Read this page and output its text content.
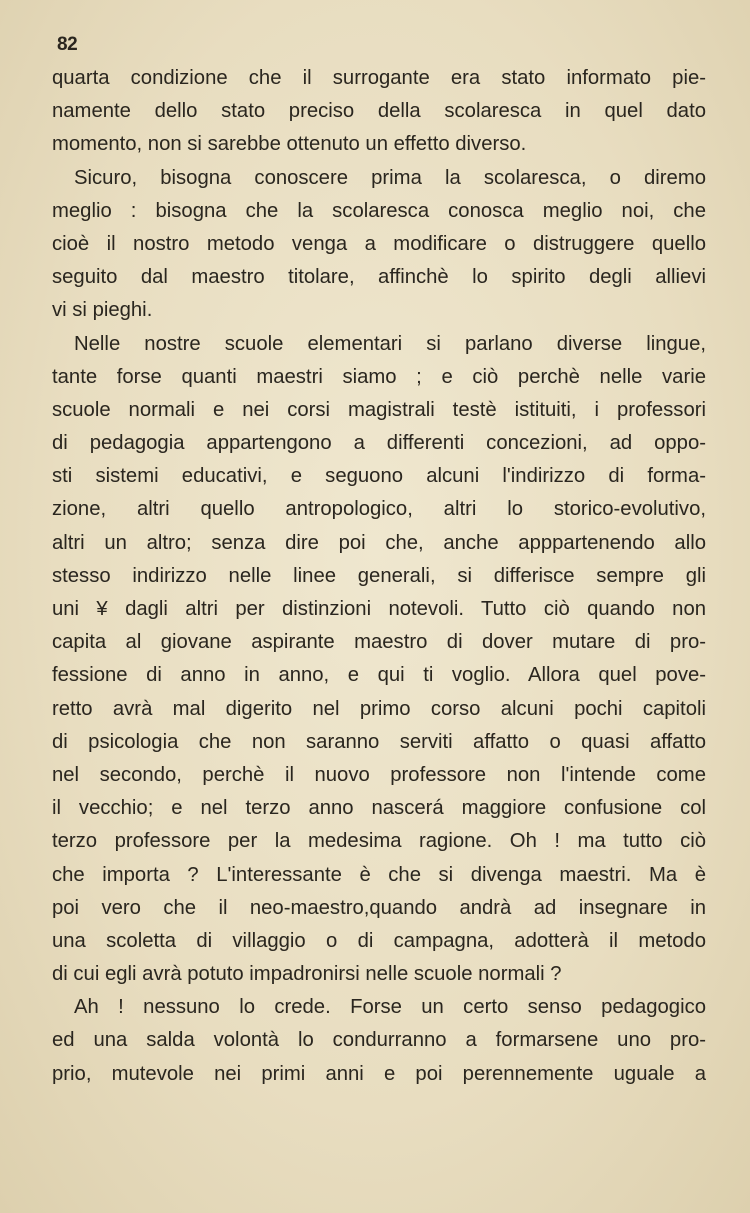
82
quarta condizione che il surrogante era stato informato pie-
namente dello stato preciso della scolaresca in quel dato
momento, non si sarebbe ottenuto un effetto diverso.
Sicuro, bisogna conoscere prima la scolaresca, o diremo
meglio : bisogna che la scolaresca conosca meglio noi, che
cioè il nostro metodo venga a modificare o distruggere quello
seguito dal maestro titolare, affinchè lo spirito degli allievi
vi si pieghi.
Nelle nostre scuole elementari si parlano diverse lingue,
tante forse quanti maestri siamo ; e ciò perchè nelle varie
scuole normali e nei corsi magistrali testè istituiti, i professori
di pedagogia appartengono a differenti concezioni, ad oppo-
sti sistemi educativi, e seguono alcuni l'indirizzo di forma-
zione, altri quello antropologico, altri lo storico-evolutivo,
altri un altro; senza dire poi che, anche apppartenendo allo
stesso indirizzo nelle linee generali, si differisce sempre gli
uni ¥ dagli altri per distinzioni notevoli. Tutto ciò quando non
capita al giovane aspirante maestro di dover mutare di pro-
fessione di anno in anno, e qui ti voglio. Allora quel pove-
retto avrà mal digerito nel primo corso alcuni pochi capitoli
di psicologia che non saranno serviti affatto o quasi affatto
nel secondo, perchè il nuovo professore non l'intende come
il vecchio; e nel terzo anno nascerá maggiore confusione col
terzo professore per la medesima ragione. Oh ! ma tutto ciò
che importa ? L'interessante è che si divenga maestri. Ma è
poi vero che il neo-maestro,quando andrà ad insegnare in
una scoletta di villaggio o di campagna, adotterà il metodo
di cui egli avrà potuto impadronirsi nelle scuole normali ?
Ah ! nessuno lo crede. Forse un certo senso pedagogico
ed una salda volontà lo condurranno a formarsene uno pro-
prio, mutevole nei primi anni e poi perennemente uguale a
